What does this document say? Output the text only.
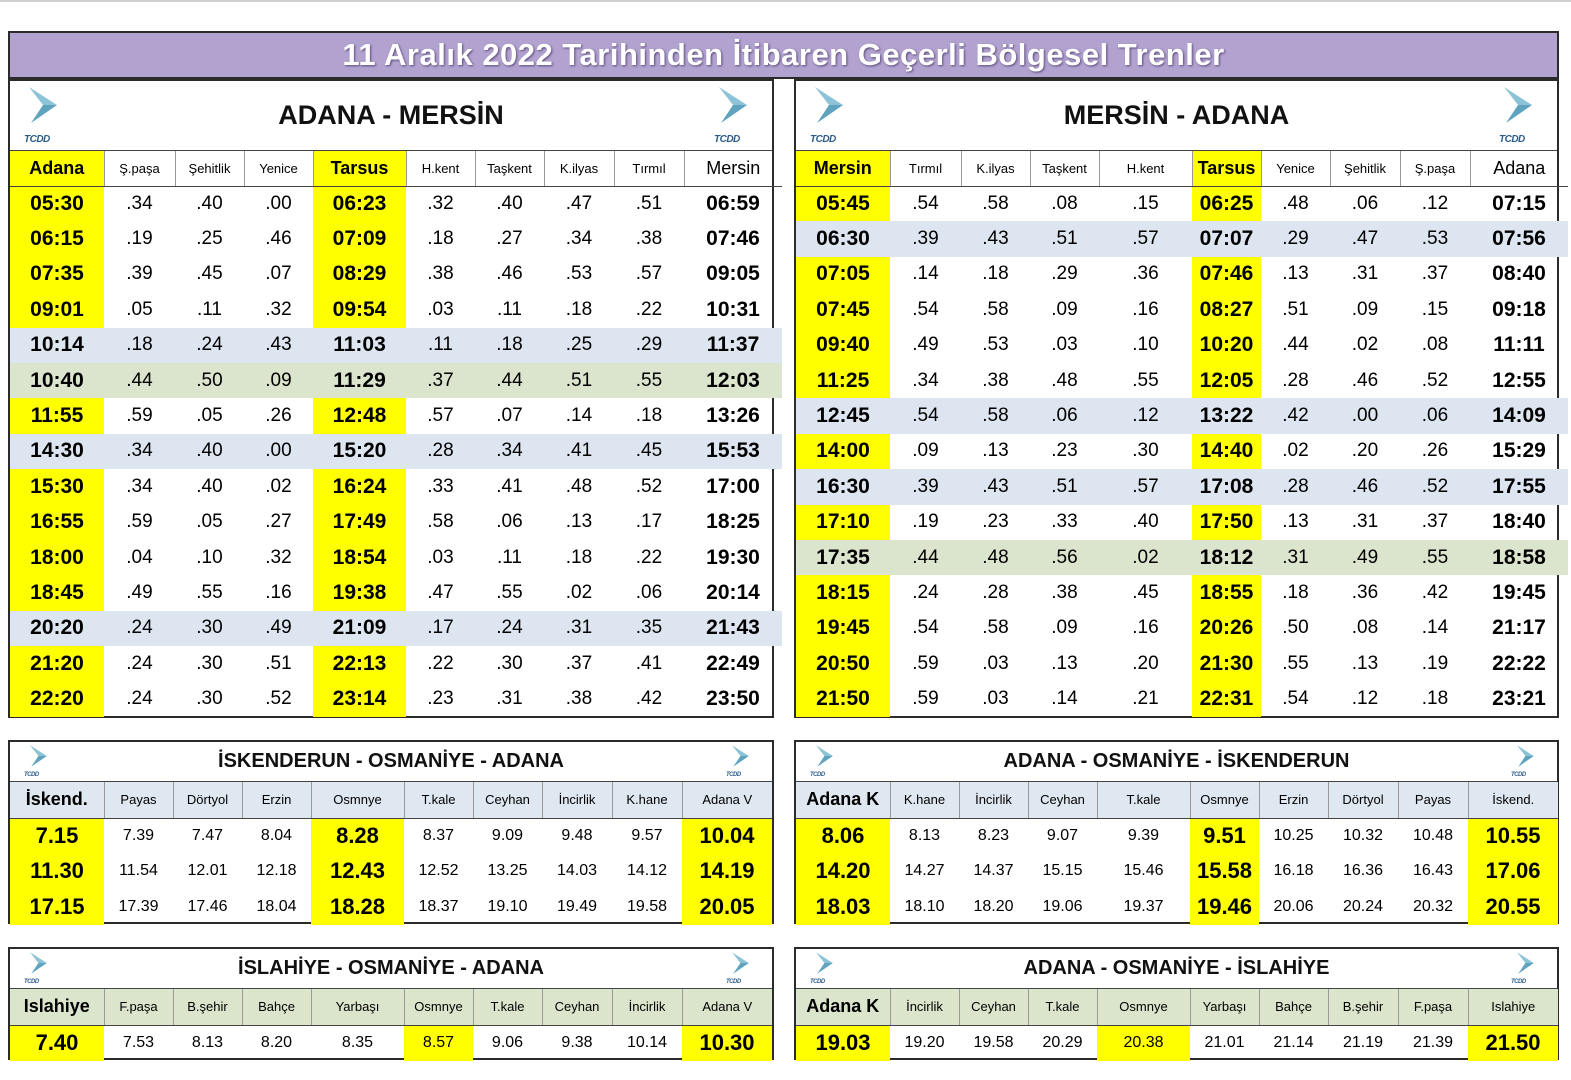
11 Aralık 2022 Tarihinden İtibaren Geçerli Bölgesel Trenler
TCDD
ADANA - MERSİN
TCDD
Adana	Ş.paşa	Şehitlik	Yenice	Tarsus	H.kent	Taşkent	K.ilyas	Tırmıl	Mersin
05:30	.34	.40	.00	06:23	.32	.40	.47	.51	06:59
06:15	.19	.25	.46	07:09	.18	.27	.34	.38	07:46
07:35	.39	.45	.07	08:29	.38	.46	.53	.57	09:05
09:01	.05	.11	.32	09:54	.03	.11	.18	.22	10:31
10:14	.18	.24	.43	11:03	.11	.18	.25	.29	11:37
10:40	.44	.50	.09	11:29	.37	.44	.51	.55	12:03
11:55	.59	.05	.26	12:48	.57	.07	.14	.18	13:26
14:30	.34	.40	.00	15:20	.28	.34	.41	.45	15:53
15:30	.34	.40	.02	16:24	.33	.41	.48	.52	17:00
16:55	.59	.05	.27	17:49	.58	.06	.13	.17	18:25
18:00	.04	.10	.32	18:54	.03	.11	.18	.22	19:30
18:45	.49	.55	.16	19:38	.47	.55	.02	.06	20:14
20:20	.24	.30	.49	21:09	.17	.24	.31	.35	21:43
21:20	.24	.30	.51	22:13	.22	.30	.37	.41	22:49
22:20	.24	.30	.52	23:14	.23	.31	.38	.42	23:50
TCDD
MERSİN - ADANA
TCDD
Mersin	Tırmıl	K.ilyas	Taşkent	H.kent	Tarsus	Yenice	Şehitlik	Ş.paşa	Adana
05:45	.54	.58	.08	.15	06:25	.48	.06	.12	07:15
06:30	.39	.43	.51	.57	07:07	.29	.47	.53	07:56
07:05	.14	.18	.29	.36	07:46	.13	.31	.37	08:40
07:45	.54	.58	.09	.16	08:27	.51	.09	.15	09:18
09:40	.49	.53	.03	.10	10:20	.44	.02	.08	11:11
11:25	.34	.38	.48	.55	12:05	.28	.46	.52	12:55
12:45	.54	.58	.06	.12	13:22	.42	.00	.06	14:09
14:00	.09	.13	.23	.30	14:40	.02	.20	.26	15:29
16:30	.39	.43	.51	.57	17:08	.28	.46	.52	17:55
17:10	.19	.23	.33	.40	17:50	.13	.31	.37	18:40
17:35	.44	.48	.56	.02	18:12	.31	.49	.55	18:58
18:15	.24	.28	.38	.45	18:55	.18	.36	.42	19:45
19:45	.54	.58	.09	.16	20:26	.50	.08	.14	21:17
20:50	.59	.03	.13	.20	21:30	.55	.13	.19	22:22
21:50	.59	.03	.14	.21	22:31	.54	.12	.18	23:21
TCDD
İSKENDERUN - OSMANİYE - ADANA
TCDD
İskend.	Payas	Dörtyol	Erzin	Osmnye	T.kale	Ceyhan	İncirlik	K.hane	Adana V
7.15	7.39	7.47	8.04	8.28	8.37	9.09	9.48	9.57	10.04
11.30	11.54	12.01	12.18	12.43	12.52	13.25	14.03	14.12	14.19
17.15	17.39	17.46	18.04	18.28	18.37	19.10	19.49	19.58	20.05
TCDD
ADANA - OSMANİYE - İSKENDERUN
TCDD
Adana K	K.hane	İncirlik	Ceyhan	T.kale	Osmnye	Erzin	Dörtyol	Payas	İskend.
8.06	8.13	8.23	9.07	9.39	9.51	10.25	10.32	10.48	10.55
14.20	14.27	14.37	15.15	15.46	15.58	16.18	16.36	16.43	17.06
18.03	18.10	18.20	19.06	19.37	19.46	20.06	20.24	20.32	20.55
TCDD
İSLAHİYE - OSMANİYE - ADANA
TCDD
Islahiye	F.paşa	B.şehir	Bahçe	Yarbaşı	Osmnye	T.kale	Ceyhan	İncirlik	Adana V
7.40	7.53	8.13	8.20	8.35	8.57	9.06	9.38	10.14	10.30
TCDD
ADANA - OSMANİYE - İSLAHİYE
TCDD
Adana K	İncirlik	Ceyhan	T.kale	Osmnye	Yarbaşı	Bahçe	B.şehir	F.paşa	Islahiye
19.03	19.20	19.58	20.29	20.38	21.01	21.14	21.19	21.39	21.50
